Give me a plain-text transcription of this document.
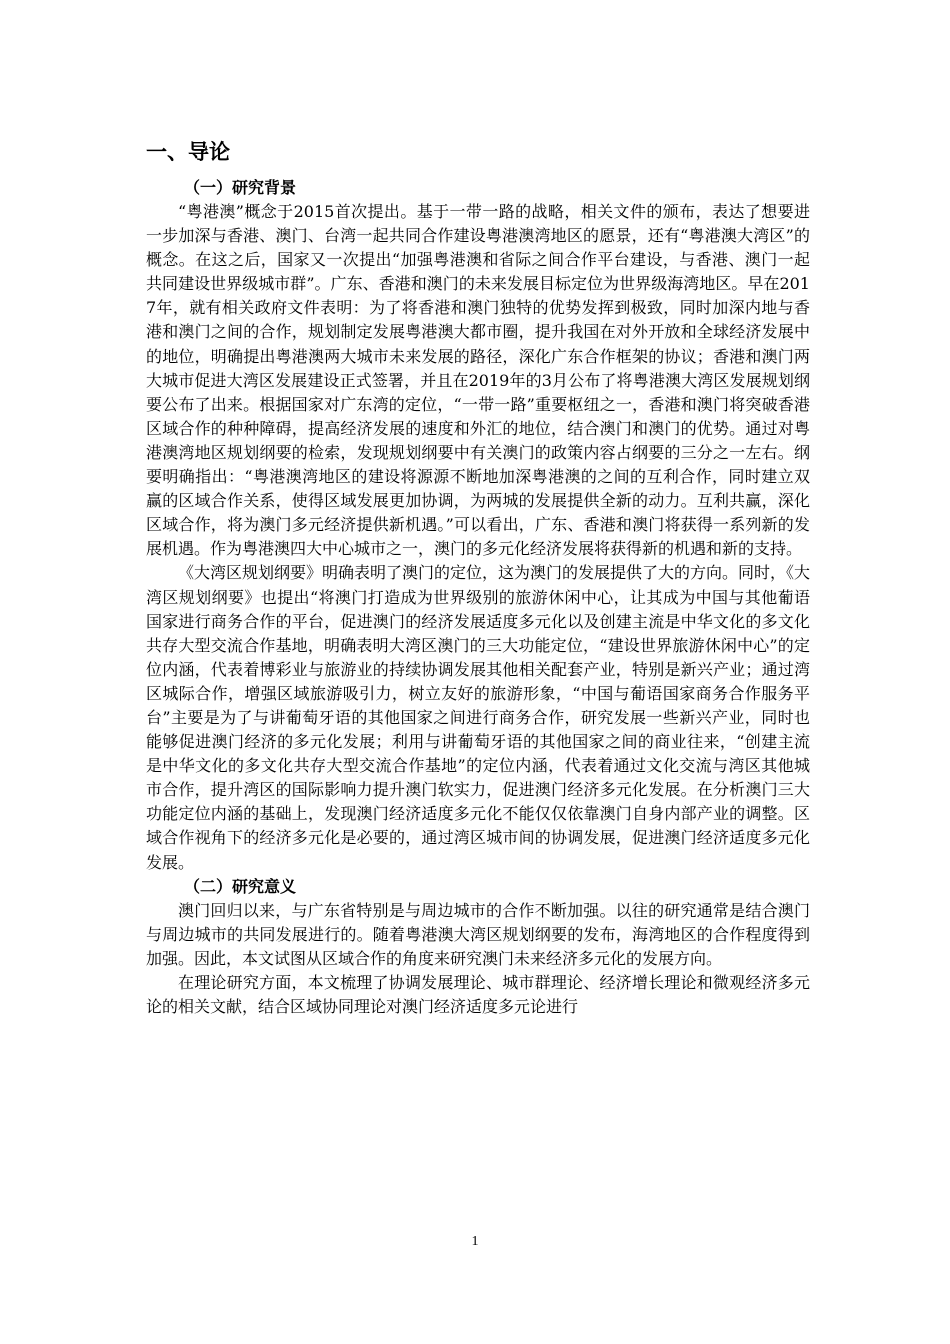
一、导论
（一）研究背景

“粤港澳”概念于2015首次提出。基于一带一路的战略，相关文件的颁布，表达了想要进一步加深与香港、澳门、台湾一起共同合作建设粤港澳湾地区的愿景，还有“粤港澳大湾区”的概念。在这之后，国家又一次提出“加强粤港澳和省际之间合作平台建设，与香港、澳门一起共同建设世界级城市群”。广东、香港和澳门的未来发展目标定位为世界级海湾地区。早在2017年，就有相关政府文件表明：为了将香港和澳门独特的优势发挥到极致，同时加深内地与香港和澳门之间的合作，规划制定发展粤港澳大都市圈，提升我国在对外开放和全球经济发展中的地位，明确提出粤港澳两大城市未来发展的路径，深化广东合作框架的协议；香港和澳门两大城市促进大湾区发展建设正式签署，并且在2019年的3月公布了将粤港澳大湾区发展规划纲要公布了出来。根据国家对广东湾的定位，“一带一路”重要枢纽之一，香港和澳门将突破香港区域合作的种种障碍，提高经济发展的速度和外汇的地位，结合澳门和澳门的优势。通过对粤港澳湾地区规划纲要的检索，发现规划纲要中有关澳门的政策内容占纲要的三分之一左右。纲要明确指出：“粤港澳湾地区的建设将源源不断地加深粤港澳的之间的互利合作，同时建立双赢的区域合作关系，使得区域发展更加协调，为两城的发展提供全新的动力。互利共赢，深化区域合作，将为澳门多元经济提供新机遇。”可以看出，广东、香港和澳门将获得一系列新的发展机遇。作为粤港澳四大中心城市之一，澳门的多元化经济发展将获得新的机遇和新的支持。

《大湾区规划纲要》明确表明了澳门的定位，这为澳门的发展提供了大的方向。同时，《大湾区规划纲要》也提出“将澳门打造成为世界级别的旅游休闲中心，让其成为中国与其他葡语国家进行商务合作的平台，促进澳门的经济发展适度多元化以及创建主流是中华文化的多文化共存大型交流合作基地，明确表明大湾区澳门的三大功能定位，“建设世界旅游休闲中心”的定位内涵，代表着博彩业与旅游业的持续协调发展其他相关配套产业，特别是新兴产业；通过湾区城际合作，增强区域旅游吸引力，树立友好的旅游形象，“中国与葡语国家商务合作服务平台”主要是为了与讲葡萄牙语的其他国家之间进行商务合作，研究发展一些新兴产业，同时也能够促进澳门经济的多元化发展；利用与讲葡萄牙语的其他国家之间的商业往来，“创建主流是中华文化的多文化共存大型交流合作基地”的定位内涵，代表着通过文化交流与湾区其他城市合作，提升湾区的国际影响力提升澳门软实力，促进澳门经济多元化发展。在分析澳门三大功能定位内涵的基础上，发现澳门经济适度多元化不能仅仅依靠澳门自身内部产业的调整。区域合作视角下的经济多元化是必要的，通过湾区城市间的协调发展，促进澳门经济适度多元化发展。

（二）研究意义

澳门回归以来，与广东省特别是与周边城市的合作不断加强。以往的研究通常是结合澳门与周边城市的共同发展进行的。随着粤港澳大湾区规划纲要的发布，海湾地区的合作程度得到加强。因此，本文试图从区域合作的角度来研究澳门未来经济多元化的发展方向。

在理论研究方面，本文梳理了协调发展理论、城市群理论、经济增长理论和微观经济多元论的相关文献，结合区域协同理论对澳门经济适度多元论进行

1
